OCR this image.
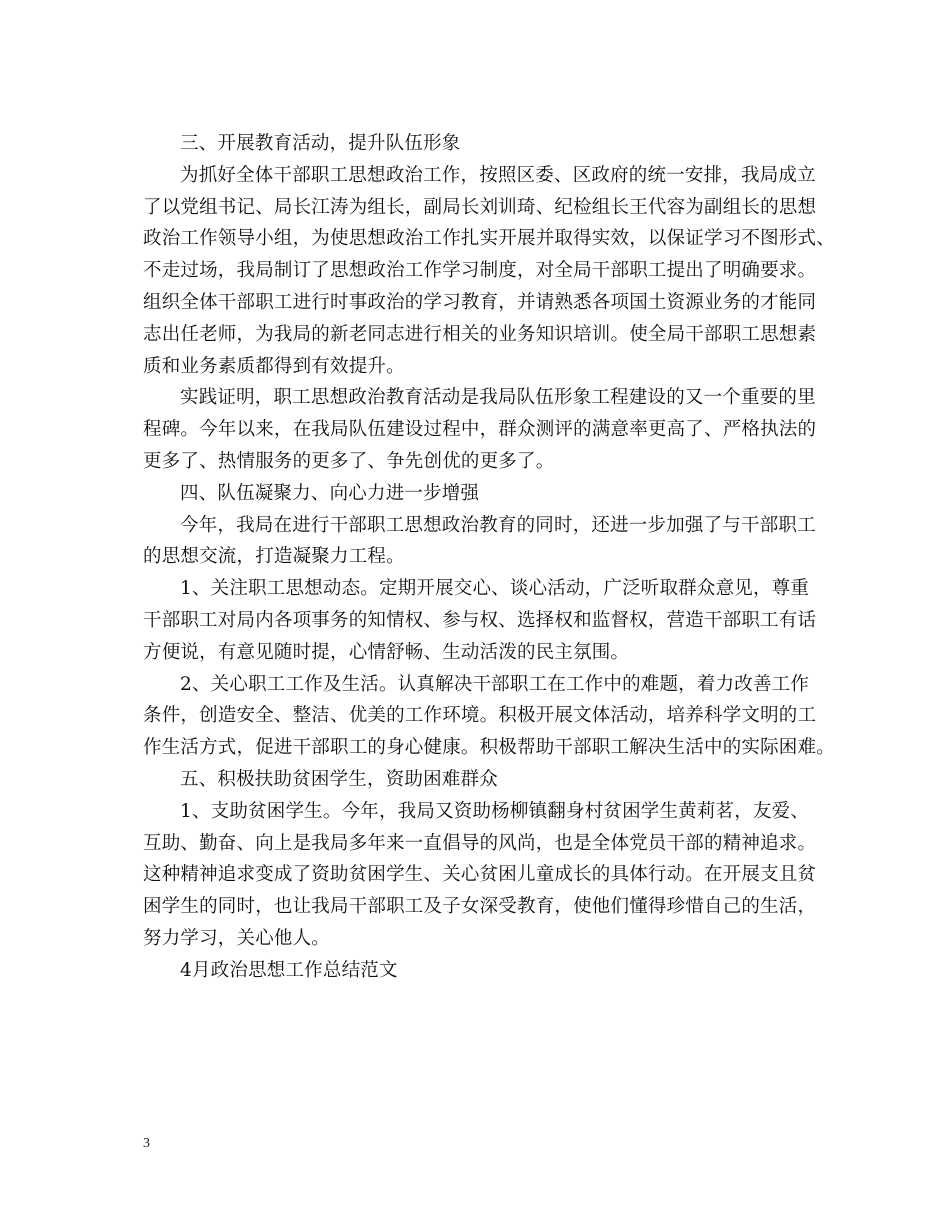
三、开展教育活动，提升队伍形象
为抓好全体干部职工思想政治工作，按照区委、区政府的统一安排，我局成立
了以党组书记、局长江涛为组长，副局长刘训琦、纪检组长王代容为副组长的思想
政治工作领导小组，为使思想政治工作扎实开展并取得实效，以保证学习不图形式、
不走过场，我局制订了思想政治工作学习制度，对全局干部职工提出了明确要求。
组织全体干部职工进行时事政治的学习教育，并请熟悉各项国土资源业务的才能同
志出任老师，为我局的新老同志进行相关的业务知识培训。使全局干部职工思想素
质和业务素质都得到有效提升。
实践证明，职工思想政治教育活动是我局队伍形象工程建设的又一个重要的里
程碑。今年以来，在我局队伍建设过程中，群众测评的满意率更高了、严格执法的
更多了、热情服务的更多了、争先创优的更多了。
四、队伍凝聚力、向心力进一步增强
今年，我局在进行干部职工思想政治教育的同时，还进一步加强了与干部职工
的思想交流，打造凝聚力工程。
1、关注职工思想动态。定期开展交心、谈心活动，广泛听取群众意见，尊重
干部职工对局内各项事务的知情权、参与权、选择权和监督权，营造干部职工有话
方便说，有意见随时提，心情舒畅、生动活泼的民主氛围。
2、关心职工工作及生活。认真解决干部职工在工作中的难题，着力改善工作
条件，创造安全、整洁、优美的工作环境。积极开展文体活动，培养科学文明的工
作生活方式，促进干部职工的身心健康。积极帮助干部职工解决生活中的实际困难。
五、积极扶助贫困学生，资助困难群众
1、支助贫困学生。今年，我局又资助杨柳镇翻身村贫困学生黄莉茗，友爱、
互助、勤奋、向上是我局多年来一直倡导的风尚，也是全体党员干部的精神追求。
这种精神追求变成了资助贫困学生、关心贫困儿童成长的具体行动。在开展支且贫
困学生的同时，也让我局干部职工及子女深受教育，使他们懂得珍惜自己的生活，
努力学习，关心他人。
4月政治思想工作总结范文
3
